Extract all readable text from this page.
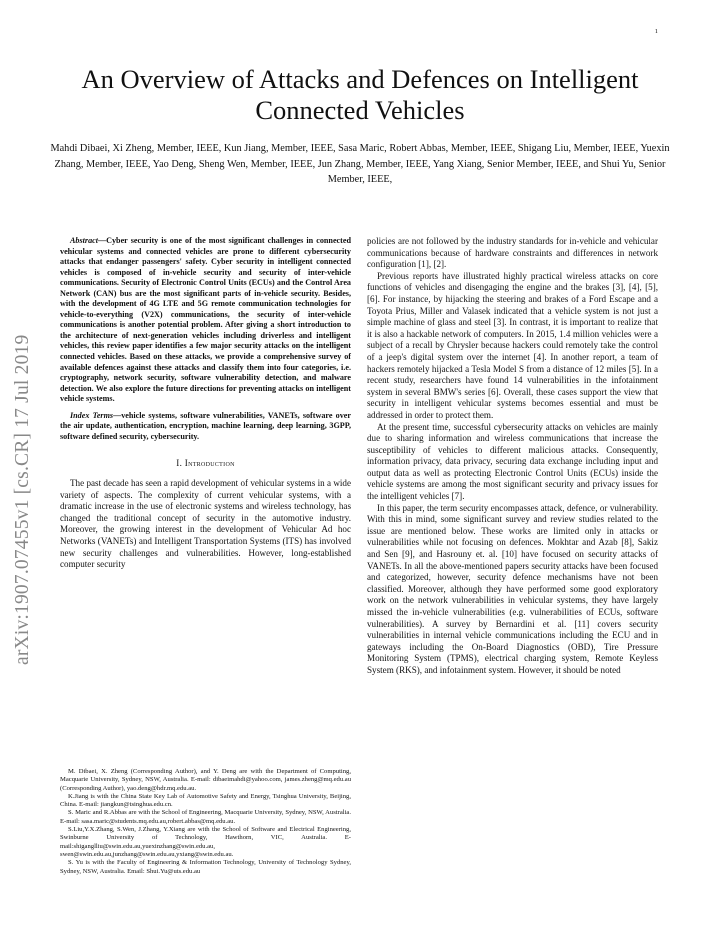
1
arXiv:1907.07455v1 [cs.CR] 17 Jul 2019
An Overview of Attacks and Defences on Intelligent Connected Vehicles

Mahdi Dibaei, Xi Zheng, Member, IEEE, Kun Jiang, Member, IEEE, Sasa Maric, Robert Abbas, Member, IEEE, Shigang Liu, Member, IEEE, Yuexin Zhang, Member, IEEE, Yao Deng, Sheng Wen, Member, IEEE, Jun Zhang, Member, IEEE, Yang Xiang, Senior Member, IEEE, and Shui Yu, Senior Member, IEEE,

Abstract—Cyber security is one of the most significant challenges in connected vehicular systems and connected vehicles are prone to different cybersecurity attacks that endanger passengers' safety. Cyber security in intelligent connected vehicles is composed of in-vehicle security and security of inter-vehicle communications. Security of Electronic Control Units (ECUs) and the Control Area Network (CAN) bus are the most significant parts of in-vehicle security. Besides, with the development of 4G LTE and 5G remote communication technologies for vehicle-to-everything (V2X) communications, the security of inter-vehicle communications is another potential problem. After giving a short introduction to the architecture of next-generation vehicles including driverless and intelligent vehicles, this review paper identifies a few major security attacks on the intelligent connected vehicles. Based on these attacks, we provide a comprehensive survey of available defences against these attacks and classify them into four categories, i.e. cryptography, network security, software vulnerability detection, and malware detection. We also explore the future directions for preventing attacks on intelligent vehicle systems.

Index Terms—vehicle systems, software vulnerabilities, VANETs, software over the air update, authentication, encryption, machine learning, deep learning, 3GPP, software defined security, cybersecurity.

I. Introduction

The past decade has seen a rapid development of vehicular systems in a wide variety of aspects. The complexity of current vehicular systems, with a dramatic increase in the use of electronic systems and wireless technology, has changed the traditional concept of security in the automotive industry. Moreover, the growing interest in the development of Vehicular Ad hoc Networks (VANETs) and Intelligent Transportation Systems (ITS) has involved new security challenges and vulnerabilities. However, long-established computer security

M. Dibaei, X. Zheng (Corresponding Author), and Y. Deng are with the Department of Computing, Macquarie University, Sydney, NSW, Australia. E-mail: dibaeimahdi@yahoo.com, james.zheng@mq.edu.au (Corresponding Author), yao.deng@hdr.mq.edu.au.

K.Jiang is with the China State Key Lab of Automotive Safety and Energy, Tsinghua University, Beijing, China. E-mail: jiangkun@tsinghua.edu.cn.

S. Maric and R.Abbas are with the School of Engineering, Macquarie University, Sydney, NSW, Australia. E-mail: sasa.maric@students.mq.edu.au,robert.abbas@mq.edu.au.

S.Liu,Y.X.Zhang, S.Wen, J.Zhang, Y.Xiang are with the School of Software and Electrical Engineering, Swinburne University of Technology, Hawthorn, VIC, Australia. E-mail:shiganglliu@swin.edu.au,yuexinzhang@swin.edu.au, swen@swin.edu.au,junzhang@swin.edu.au,yxiang@swin.edu.au.

S. Yu is with the Faculty of Engineering & Information Technology, University of Technology Sydney, Sydney, NSW, Australia. Email: Shui.Yu@uts.edu.au

policies are not followed by the industry standards for in-vehicle and vehicular communications because of hardware constraints and differences in network configuration [1], [2].

Previous reports have illustrated highly practical wireless attacks on core functions of vehicles and disengaging the engine and the brakes [3], [4], [5], [6]. For instance, by hijacking the steering and brakes of a Ford Escape and a Toyota Prius, Miller and Valasek indicated that a vehicle system is not just a simple machine of glass and steel [3]. In contrast, it is important to realize that it is also a hackable network of computers. In 2015, 1.4 million vehicles were a subject of a recall by Chrysler because hackers could remotely take the control of a jeep's digital system over the internet [4]. In another report, a team of hackers remotely hijacked a Tesla Model S from a distance of 12 miles [5]. In a recent study, researchers have found 14 vulnerabilities in the infotainment system in several BMW's series [6]. Overall, these cases support the view that security in intelligent vehicular systems becomes essential and must be addressed in order to protect them.

At the present time, successful cybersecurity attacks on vehicles are mainly due to sharing information and wireless communications that increase the susceptibility of vehicles to different malicious attacks. Consequently, information privacy, data privacy, securing data exchange including input and output data as well as protecting Electronic Control Units (ECUs) inside the vehicle systems are among the most significant security and privacy issues for the intelligent vehicles [7].

In this paper, the term security encompasses attack, defence, or vulnerability. With this in mind, some significant survey and review studies related to the issue are mentioned below. These works are limited only in attacks or vulnerabilities while not focusing on defences. Mokhtar and Azab [8], Sakiz and Sen [9], and Hasrouny et. al. [10] have focused on security attacks of VANETs. In all the above-mentioned papers security attacks have been focused and categorized, however, security defence mechanisms have not been classified. Moreover, although they have performed some good exploratory work on the network vulnerabilities in vehicular systems, they have largely missed the in-vehicle vulnerabilities (e.g. vulnerabilities of ECUs, software vulnerabilities). A survey by Bernardini et al. [11] covers security vulnerabilities in internal vehicle communications including the ECU and in gateways including the On-Board Diagnostics (OBD), Tire Pressure Monitoring System (TPMS), electrical charging system, Remote Keyless System (RKS), and infotainment system. However, it should be noted
